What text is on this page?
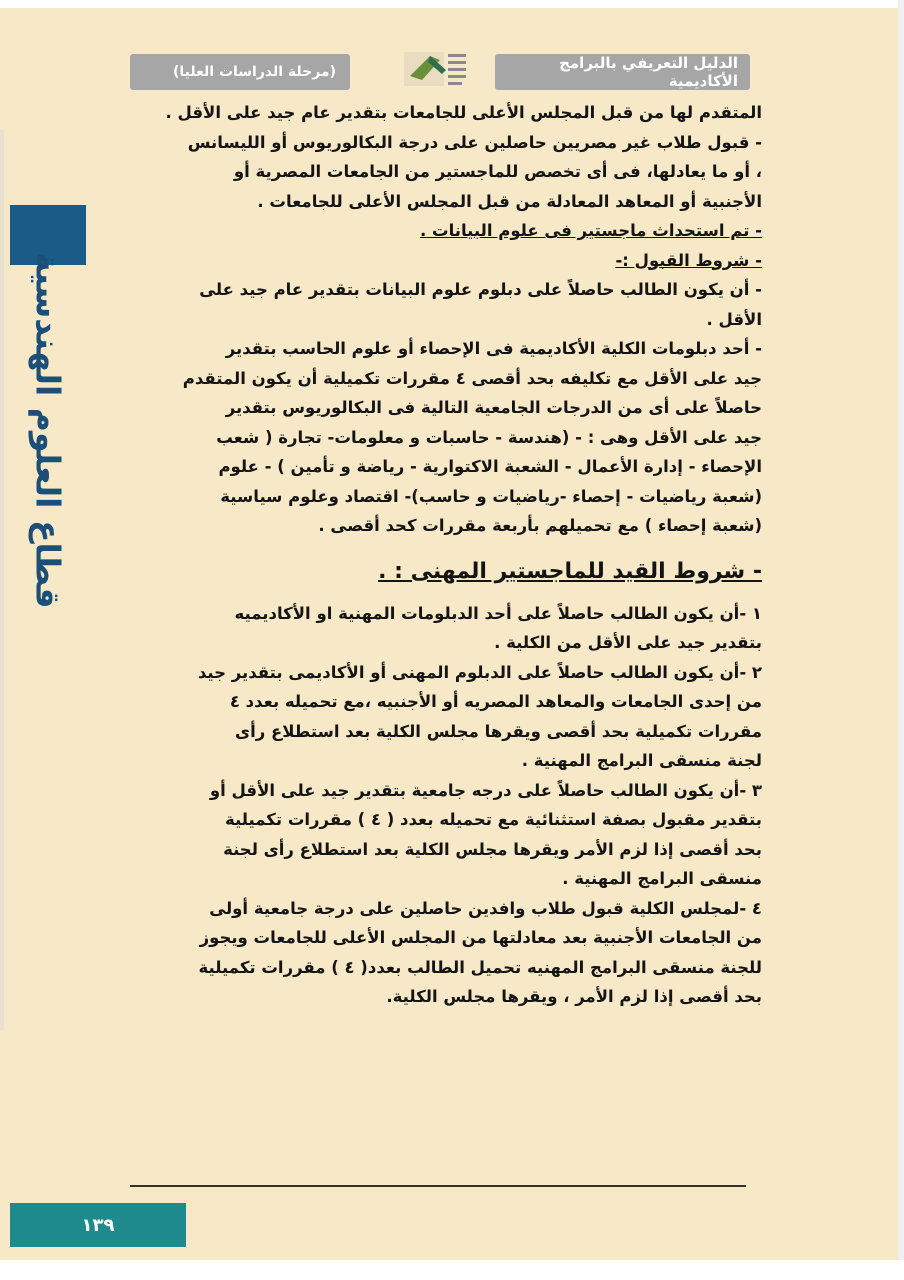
الدليل التعريفي بالبرامج الأكاديمية
(مرحلة الدراسات العليا)
قطاع العلوم الهندسية
المتقدم لها من قبل المجلس الأعلى للجامعات بتقدير عام جيد على الأقل .
- قبول طلاب غير مصريين حاصلين على درجة البكالوريوس أو الليسانس
، أو ما يعادلها، فى أى تخصص للماجستير من الجامعات المصرية أو
الأجنبية أو المعاهد المعادلة من قبل المجلس الأعلى للجامعات .
- تم استحداث ماجستير فى علوم البيانات .
- شروط القبول :-
- أن يكون الطالب حاصلاً على دبلوم علوم البيانات بتقدير عام جيد على
الأقل .
- أحد دبلومات الكلية الأكاديمية فى الإحصاء أو علوم الحاسب بتقدير
جيد على الأقل مع تكليفه بحد أقصى ٤ مقررات تكميلية أن يكون المتقدم
حاصلاً على أى من الدرجات الجامعية التالية فى البكالوريوس بتقدير
جيد على الأقل وهى : - (هندسة - حاسبات و معلومات- تجارة ( شعب
الإحصاء - إدارة الأعمال - الشعبة الاكتوارية - رياضة و تأمين ) - علوم
(شعبة رياضيات - إحصاء -رياضيات و حاسب)- اقتصاد وعلوم سياسية
(شعبة إحصاء ) مع تحميلهم بأربعة مقررات كحد أقصى .
- شروط القيد للماجستير المهنى : .
١ -أن يكون الطالب حاصلاً على أحد الدبلومات المهنية او الأكاديميه
بتقدير جيد على الأقل من الكلية .
٢ -أن يكون الطالب حاصلاً على الدبلوم المهنى أو الأكاديمى بتقدير جيد
من إحدى الجامعات والمعاهد المصريه أو الأجنبيه ،مع تحميله بعدد ٤
مقررات تكميلية بحد أقصى ويقرها مجلس الكلية بعد استطلاع رأى
لجنة منسقى البرامج المهنية .
٣ -أن يكون الطالب حاصلاً على درجه جامعية بتقدير جيد على الأقل أو
بتقدير مقبول بصفة استثنائية مع تحميله بعدد ( ٤ ) مقررات تكميلية
بحد أقصى إذا لزم الأمر ويقرها مجلس الكلية بعد استطلاع رأى لجنة
منسقى البرامج المهنية .
٤ -لمجلس الكلية قبول طلاب وافدين حاصلين على درجة جامعية أولى
من الجامعات الأجنبية بعد معادلتها من المجلس الأعلى للجامعات ويجوز
للجنة منسقى البرامج المهنيه تحميل الطالب بعدد( ٤ ) مقررات تكميلية
بحد أقصى إذا لزم الأمر ، ويقرها مجلس الكلية.
١٣٩
